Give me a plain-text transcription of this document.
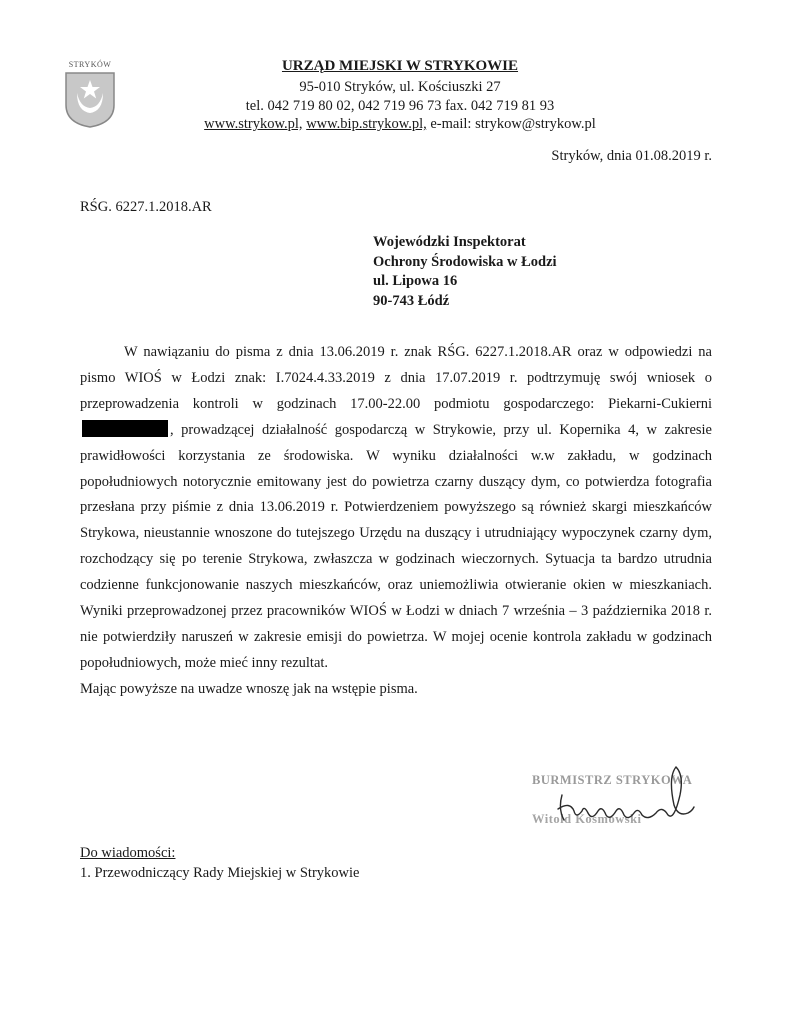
STRYKÓW	URZĄD MIEJSKI W STRYKOWIE
95-010 Stryków, ul. Kościuszki 27
tel. 042 719 80 02, 042 719 96 73 fax. 042 719 81 93
www.strykow.pl, www.bip.strykow.pl, e-mail: strykow@strykow.pl
Stryków, dnia 01.08.2019 r.
RŚG. 6227.1.2018.AR
Wojewódzki Inspektorat
Ochrony Środowiska w Łodzi
ul. Lipowa 16
90-743 Łódź

W nawiązaniu do pisma z dnia 13.06.2019 r. znak RŚG. 6227.1.2018.AR oraz w odpowiedzi na pismo WIOŚ w Łodzi znak: I.7024.4.33.2019 z dnia 17.07.2019 r. podtrzymuję swój wniosek o przeprowadzenia kontroli w godzinach 17.00-22.00 podmiotu gospodarczego: Piekarni-Cukierni , prowadzącej działalność gospodarczą w Strykowie, przy ul. Kopernika 4, w zakresie prawidłowości korzystania ze środowiska. W wyniku działalności w.w zakładu, w godzinach popołudniowych notorycznie emitowany jest do powietrza czarny duszący dym, co potwierdza fotografia przesłana przy piśmie z dnia 13.06.2019 r. Potwierdzeniem powyższego są również skargi mieszkańców Strykowa, nieustannie wnoszone do tutejszego Urzędu na duszący i utrudniający wypoczynek czarny dym, rozchodzący się po terenie Strykowa, zwłaszcza w godzinach wieczornych. Sytuacja ta bardzo utrudnia codzienne funkcjonowanie naszych mieszkańców, oraz uniemożliwia otwieranie okien w mieszkaniach. Wyniki przeprowadzonej przez pracowników WIOŚ w Łodzi w dniach 7 września – 3 października 2018 r. nie potwierdziły naruszeń w zakresie emisji do powietrza. W mojej ocenie kontrola zakładu w godzinach popołudniowych, może mieć inny rezultat.

Mając powyższe na uwadze wnoszę jak na wstępie pisma.

BURMISTRZ STRYKOWA
Witold Kosmowski
Do wiadomości:
1. Przewodniczący Rady Miejskiej w Strykowie
